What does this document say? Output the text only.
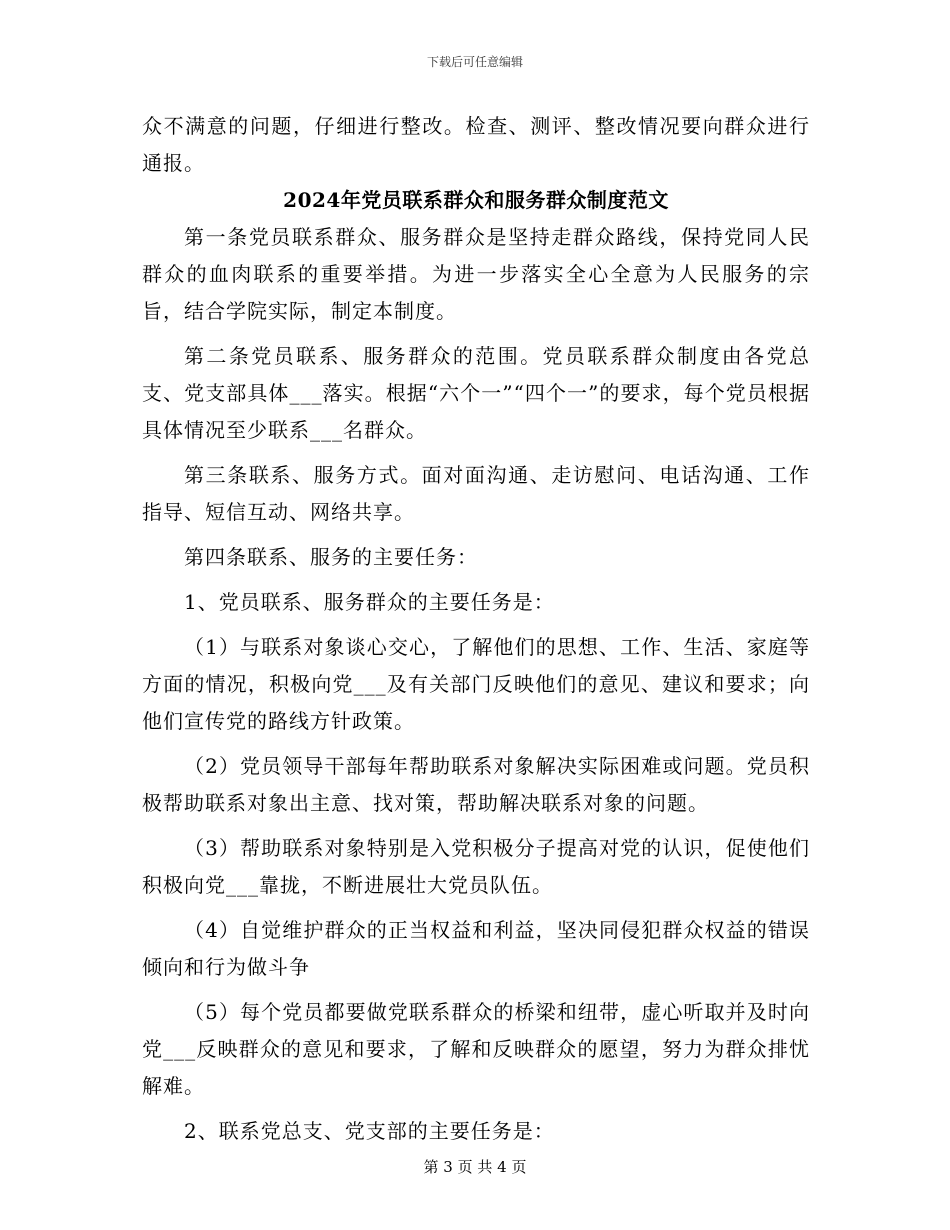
下载后可任意编辑

众不满意的问题，仔细进行整改。检查、测评、整改情况要向群众进行通报。

2024年党员联系群众和服务群众制度范文

第一条党员联系群众、服务群众是坚持走群众路线，保持党同人民群众的血肉联系的重要举措。为进一步落实全心全意为人民服务的宗旨，结合学院实际，制定本制度。

第二条党员联系、服务群众的范围。党员联系群众制度由各党总支、党支部具体___落实。根据“六个一”“四个一”的要求，每个党员根据具体情况至少联系___名群众。

第三条联系、服务方式。面对面沟通、走访慰问、电话沟通、工作指导、短信互动、网络共享。

第四条联系、服务的主要任务：

1、党员联系、服务群众的主要任务是：

（1）与联系对象谈心交心，了解他们的思想、工作、生活、家庭等方面的情况，积极向党___及有关部门反映他们的意见、建议和要求；向他们宣传党的路线方针政策。

（2）党员领导干部每年帮助联系对象解决实际困难或问题。党员积极帮助联系对象出主意、找对策，帮助解决联系对象的问题。

（3）帮助联系对象特别是入党积极分子提高对党的认识，促使他们积极向党___靠拢，不断进展壮大党员队伍。

（4）自觉维护群众的正当权益和利益，坚决同侵犯群众权益的错误倾向和行为做斗争

（5）每个党员都要做党联系群众的桥梁和纽带，虚心听取并及时向党___反映群众的意见和要求，了解和反映群众的愿望，努力为群众排忧解难。

2、联系党总支、党支部的主要任务是：

第 3 页 共 4 页
